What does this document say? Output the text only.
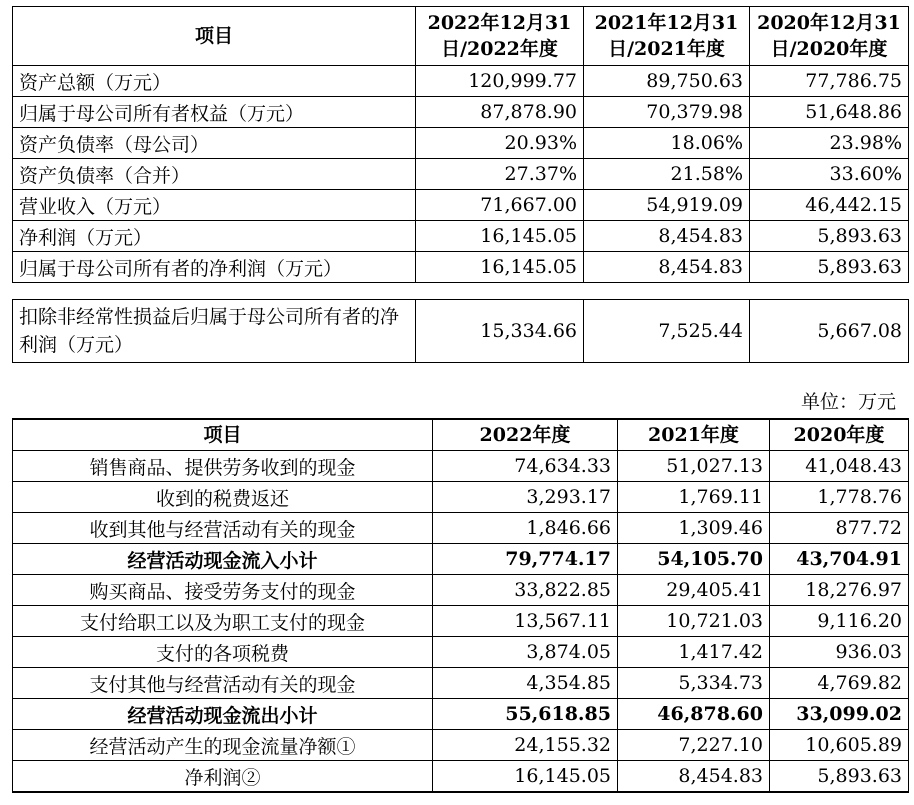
项目	2022年12月31日/2022年度	2021年12月31日/2021年度	2020年12月31日/2020年度
资产总额（万元）	120,999.77	89,750.63	77,786.75
归属于母公司所有者权益（万元）	87,878.90	70,379.98	51,648.86
资产负债率（母公司）	20.93%	18.06%	23.98%
资产负债率（合并）	27.37%	21.58%	33.60%
营业收入（万元）	71,667.00	54,919.09	46,442.15
净利润（万元）	16,145.05	8,454.83	5,893.63
归属于母公司所有者的净利润（万元）	16,145.05	8,454.83	5,893.63
扣除非经常性损益后归属于母公司所有者的净利润（万元）	15,334.66	7,525.44	5,667.08
单位：万元
项目	2022年度	2021年度	2020年度
销售商品、提供劳务收到的现金	74,634.33	51,027.13	41,048.43
收到的税费返还	3,293.17	1,769.11	1,778.76
收到其他与经营活动有关的现金	1,846.66	1,309.46	877.72
经营活动现金流入小计	79,774.17	54,105.70	43,704.91
购买商品、接受劳务支付的现金	33,822.85	29,405.41	18,276.97
支付给职工以及为职工支付的现金	13,567.11	10,721.03	9,116.20
支付的各项税费	3,874.05	1,417.42	936.03
支付其他与经营活动有关的现金	4,354.85	5,334.73	4,769.82
经营活动现金流出小计	55,618.85	46,878.60	33,099.02
经营活动产生的现金流量净额①	24,155.32	7,227.10	10,605.89
净利润②	16,145.05	8,454.83	5,893.63
